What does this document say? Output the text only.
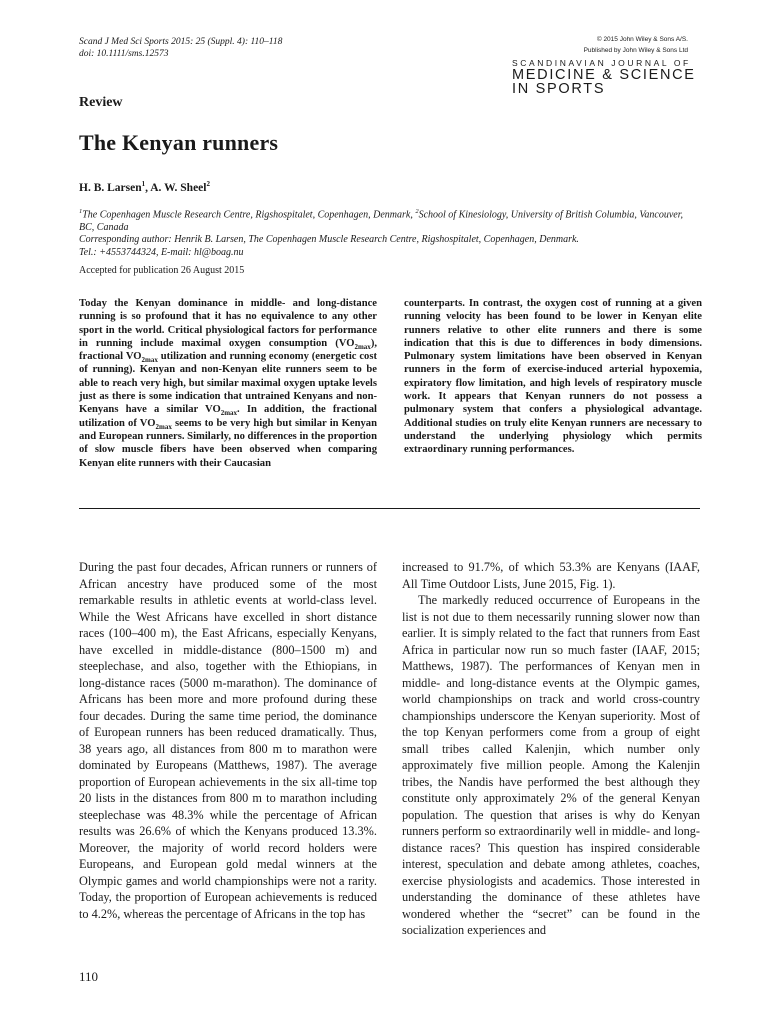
Scand J Med Sci Sports 2015: 25 (Suppl. 4): 110–118
doi: 10.1111/sms.12573
© 2015 John Wiley & Sons A/S.
Published by John Wiley & Sons Ltd
SCANDINAVIAN JOURNAL OF
MEDICINE & SCIENCE
IN SPORTS
Review
The Kenyan runners
H. B. Larsen$^1$, A. W. Sheel$^2$
$^1$The Copenhagen Muscle Research Centre, Rigshospitalet, Copenhagen, Denmark, $^2$School of Kinesiology, University of British Columbia, Vancouver, BC, Canada
Corresponding author: Henrik B. Larsen, The Copenhagen Muscle Research Centre, Rigshospitalet, Copenhagen, Denmark.
Tel.: +4553744324, E-mail: hl@boag.nu
Accepted for publication 26 August 2015
Today the Kenyan dominance in middle- and long-distance running is so profound that it has no equivalence to any other sport in the world. Critical physiological factors for performance in running include maximal oxygen consumption $(VO_{2max})$, fractional $VO_{2max}$ utilization and running economy (energetic cost of running). Kenyan and non-Kenyan elite runners seem to be able to reach very high, but similar maximal oxygen uptake levels just as there is some indication that untrained Kenyans and non-Kenyans have a similar $VO_{2max}$. In addition, the fractional utilization of $VO_{2max}$ seems to be very high but similar in Kenyan and European runners. Similarly, no differences in the proportion of slow muscle fibers have been observed when comparing Kenyan elite runners with their Caucasian
counterparts. In contrast, the oxygen cost of running at a given running velocity has been found to be lower in Kenyan elite runners relative to other elite runners and there is some indication that this is due to differences in body dimensions. Pulmonary system limitations have been observed in Kenyan runners in the form of exercise-induced arterial hypoxemia, expiratory flow limitation, and high levels of respiratory muscle work. It appears that Kenyan runners do not possess a pulmonary system that confers a physiological advantage. Additional studies on truly elite Kenyan runners are necessary to understand the underlying physiology which permits extraordinary running performances.

During the past four decades, African runners or runners of African ancestry have produced some of the most remarkable results in athletic events at world-class level. While the West Africans have excelled in short distance races (100–400 m), the East Africans, especially Kenyans, have excelled in middle-distance (800–1500 m) and steeplechase, and also, together with the Ethiopians, in long-distance races (5000 m-marathon). The dominance of Africans has been more and more profound during these four decades. During the same time period, the dominance of European runners has been reduced dramatically. Thus, 38 years ago, all distances from 800 m to marathon were dominated by Europeans (Matthews, 1987). The average proportion of European achievements in the six all-time top 20 lists in the distances from 800 m to marathon including steeplechase was 48.3% while the percentage of African results was 26.6% of which the Kenyans produced 13.3%. Moreover, the majority of world record holders were Europeans, and European gold medal winners at the Olympic games and world championships were not a rarity. Today, the proportion of European achievements is reduced to 4.2%, whereas the percentage of Africans in the top has

increased to 91.7%, of which 53.3% are Kenyans (IAAF, All Time Outdoor Lists, June 2015, Fig. 1).

The markedly reduced occurrence of Europeans in the list is not due to them necessarily running slower now than earlier. It is simply related to the fact that runners from East Africa in particular now run so much faster (IAAF, 2015; Matthews, 1987). The performances of Kenyan men in middle- and long-distance events at the Olympic games, world championships on track and world cross-country championships underscore the Kenyan superiority. Most of the top Kenyan performers come from a group of eight small tribes called Kalenjin, which number only approximately five million people. Among the Kalenjin tribes, the Nandis have performed the best although they constitute only approximately 2% of the general Kenyan population. The question that arises is why do Kenyan runners perform so extraordinarily well in middle- and long-distance races? This question has inspired considerable interest, speculation and debate among athletes, coaches, exercise physiologists and academics. Those interested in understanding the dominance of these athletes have wondered whether the “secret” can be found in the socialization experiences and

110
